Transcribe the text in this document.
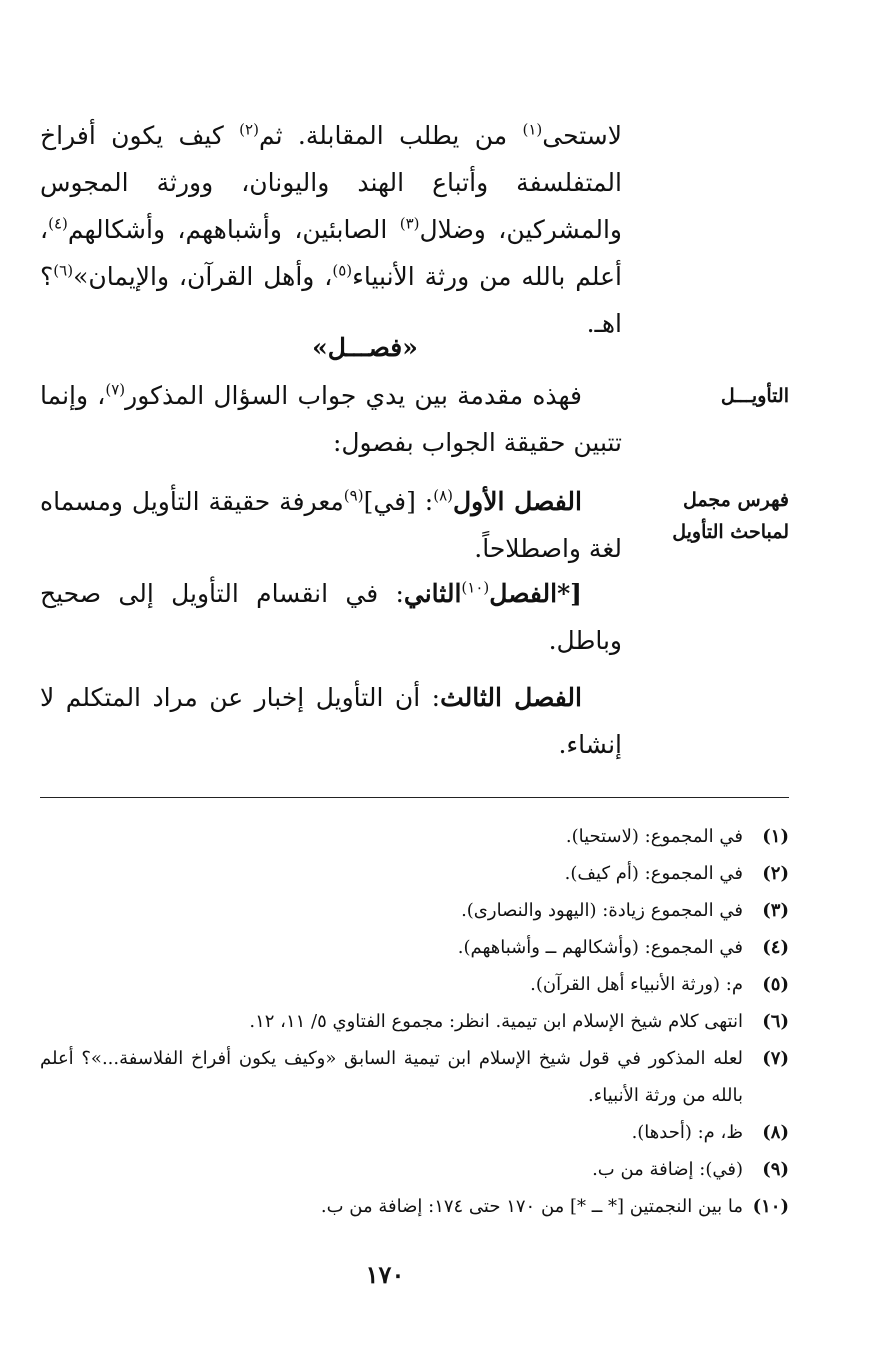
لاستحى$^{(١)}$ من يطلب المقابلة. ثم$^{(٢)}$ كيف يكون أفراخ المتفلسفة وأتباع الهند واليونان، وورثة المجوس والمشركين، وضلال$^{(٣)}$ الصابئين، وأشباههم، وأشكالهم$^{(٤)}$، أعلم بالله من ورثة الأنبياء$^{(٥)}$، وأهل القرآن، والإيمان»$^{(٦)}$؟ اهـ.

«فصـــل»
التأويـــل

فهذه مقدمة بين يدي جواب السؤال المذكور$^{(٧)}$، وإنما تتبين حقيقة الجواب بفصول:

فهرس مجمل لمباحث التأويل

الفصل الأول$^{(٨)}$: [في]$^{(٩)}$معرفة حقيقة التأويل ومسماه لغة واصطلاحاً.

[*الفصل$^{(١٠)}$الثاني: في انقسام التأويل إلى صحيح وباطل.

الفصل الثالث: أن التأويل إخبار عن مراد المتكلم لا إنشاء.

(١)
في المجموع: (لاستحيا).
(٢)
في المجموع: (أم كيف).
(٣)
في المجموع زيادة: (اليهود والنصارى).
(٤)
في المجموع: (وأشكالهم ــ وأشباههم).
(٥)
م: (ورثة الأنبياء أهل القرآن).
(٦)
انتهى كلام شيخ الإسلام ابن تيمية. انظر: مجموع الفتاوي ٥/ ١١، ١٢.
(٧)
لعله المذكور في قول شيخ الإسلام ابن تيمية السابق «وكيف يكون أفراخ الفلاسفة...»؟ أعلم بالله من ورثة الأنبياء.
(٨)
ظ، م: (أحدها).
(٩)
(في): إضافة من ب.
(١٠)
ما بين النجمتين [* ــ *] من ١٧٠ حتى ١٧٤: إضافة من ب.
١٧٠
